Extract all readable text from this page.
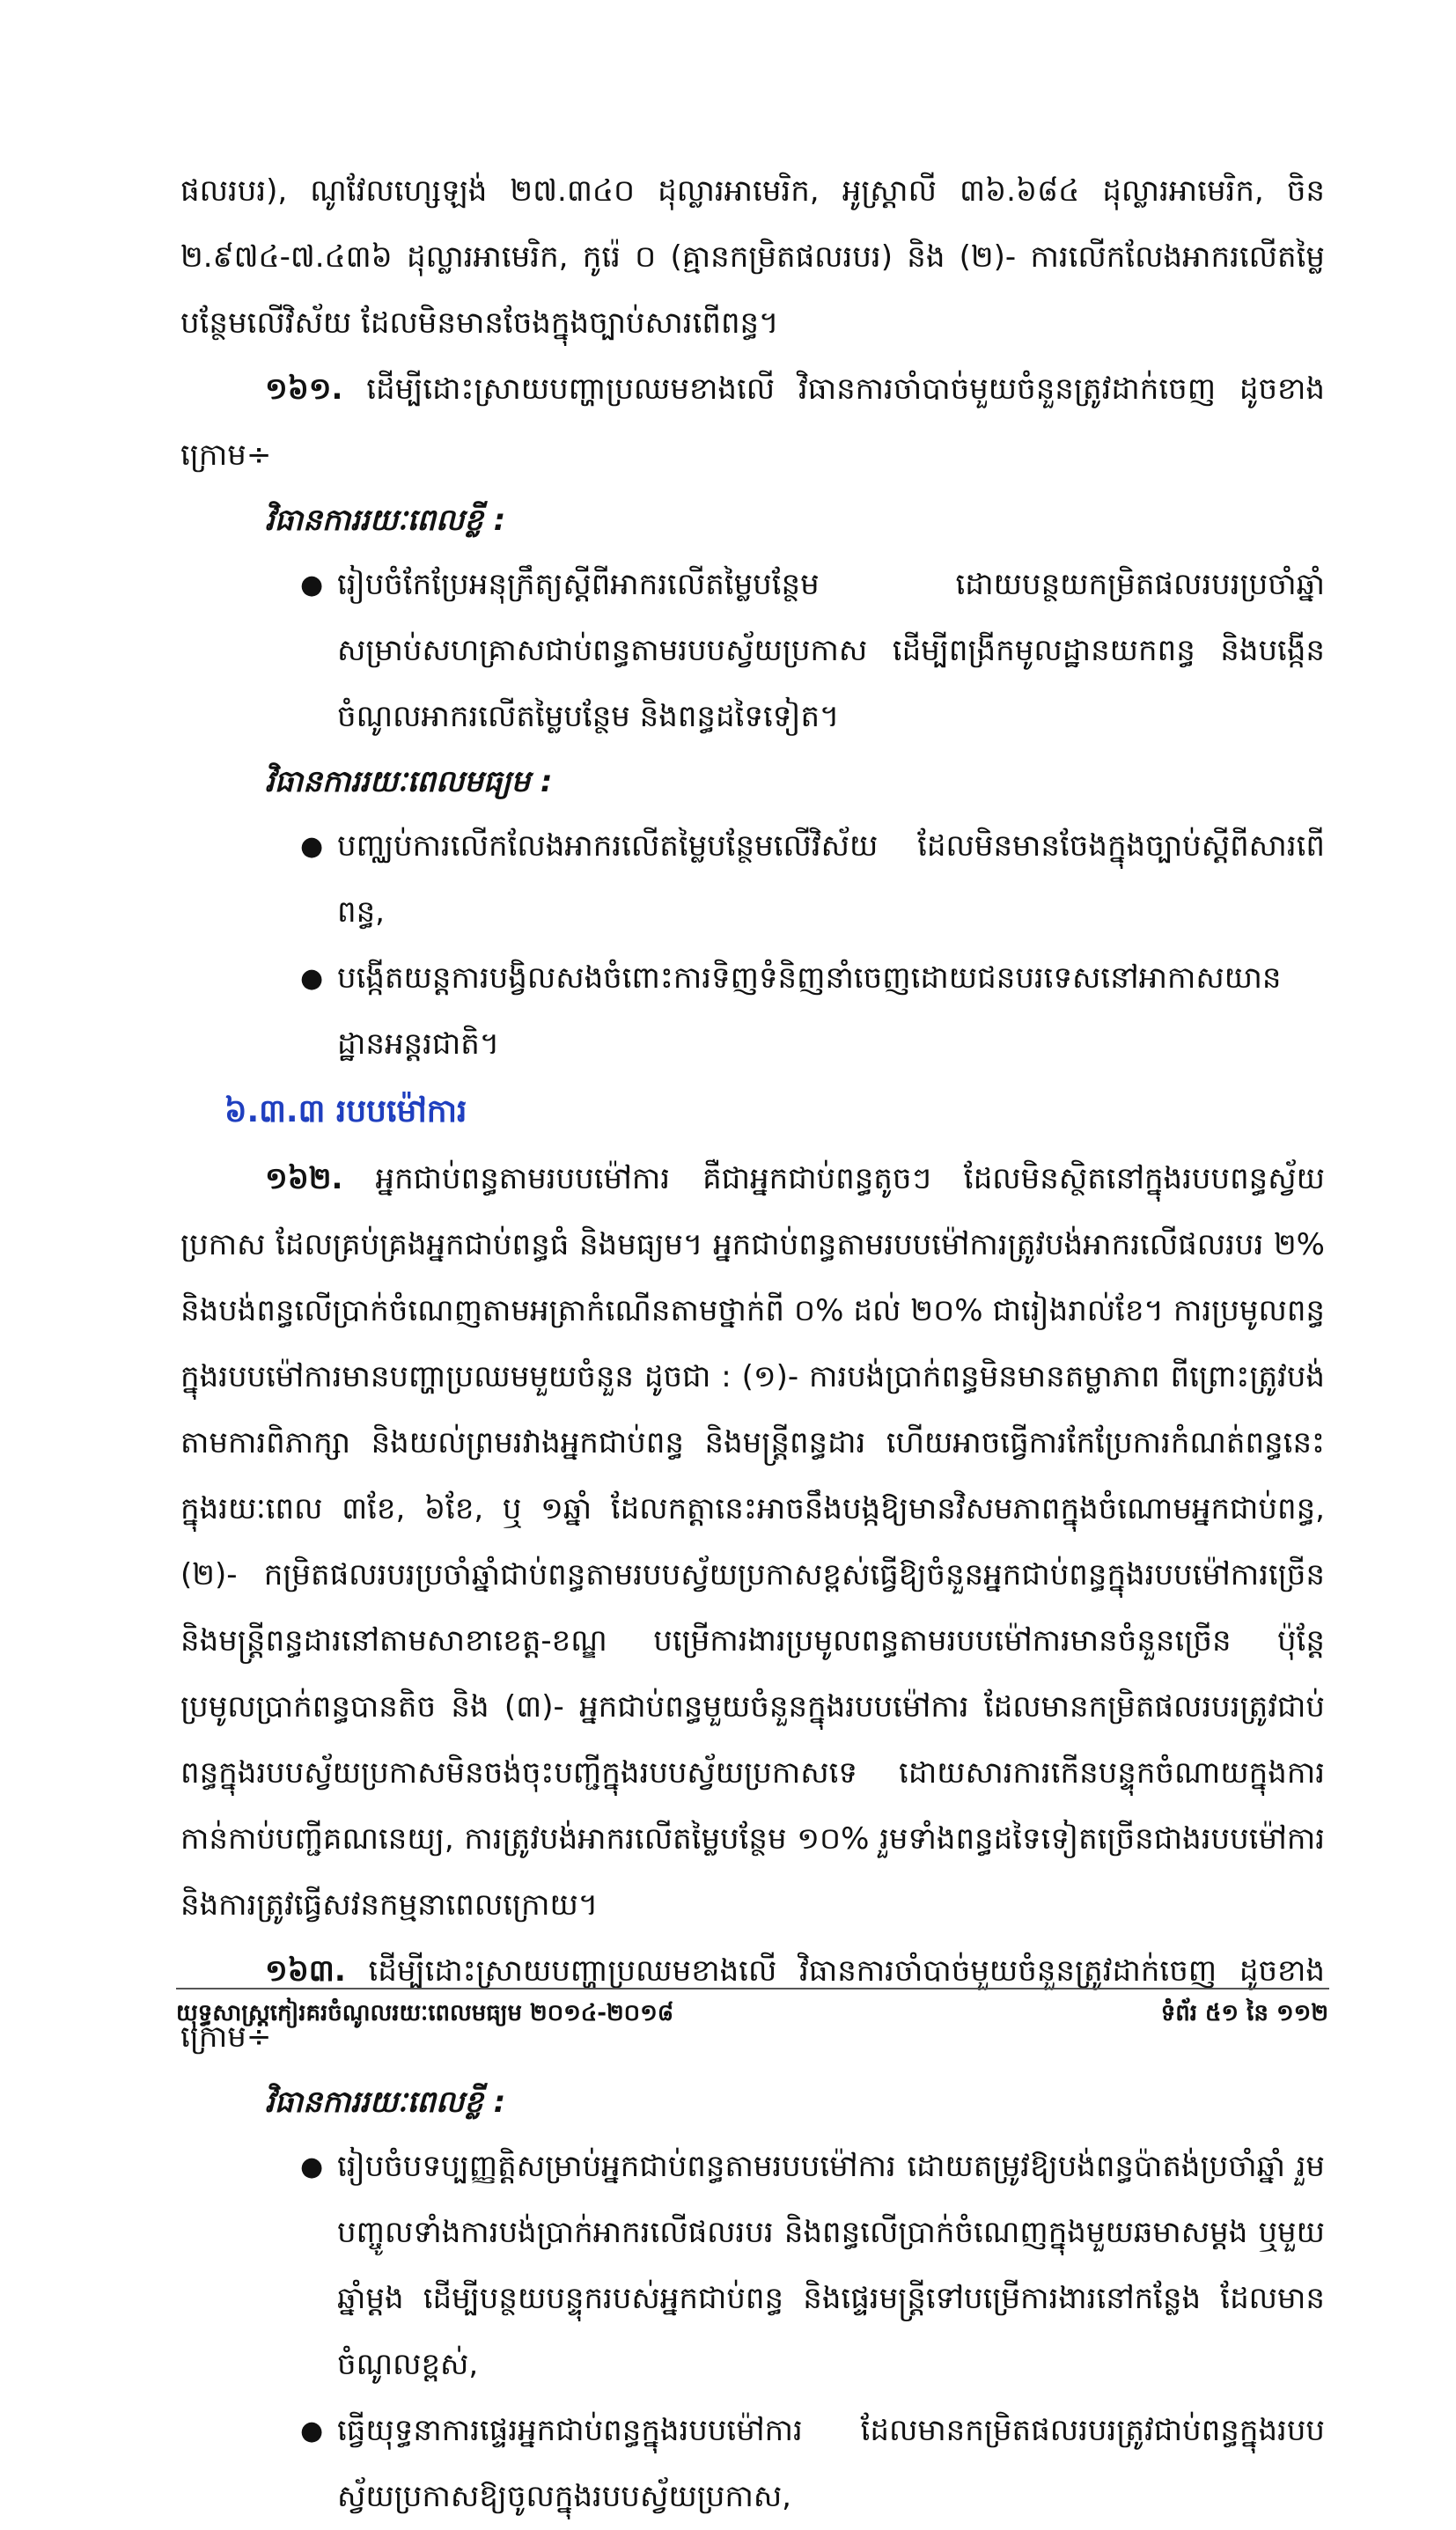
ផលរបរ), ណូវែលហ្សេឡង់ ២៧.៣៤០ ដុល្លារអាមេរិក, អូស្ត្រាលី ៣៦.៦៨៤ ដុល្លារអាមេរិក, ចិន ២.៩៧៤-៧.៤៣៦ ដុល្លារអាមេរិក, កូរ៉េ ០ (គ្មានកម្រិតផលរបរ) និង (២)- ការលើកលែងអាករលើតម្លៃបន្ថែមលើវិស័យ ដែលមិនមានចែងក្នុងច្បាប់សារពើពន្ធ។

១៦១. ដើម្បីដោះស្រាយបញ្ហាប្រឈមខាងលើ វិធានការចាំបាច់មួយចំនួនត្រូវដាក់ចេញ ដូចខាងក្រោម÷

វិធានការរយៈពេលខ្លី :
● រៀបចំកែប្រែអនុក្រឹត្យស្តីពីអាករលើតម្លៃបន្ថែម ដោយបន្ថយកម្រិតផលរបរប្រចាំឆ្នាំសម្រាប់សហគ្រាសជាប់ពន្ធតាមរបបស្វ័យប្រកាស ដើម្បីពង្រីកមូលដ្ឋានយកពន្ធ និងបង្កើនចំណូលអាករលើតម្លៃបន្ថែម និងពន្ធដទៃទៀត។
វិធានការរយៈពេលមធ្យម :
● បញ្ឈប់ការលើកលែងអាករលើតម្លៃបន្ថែមលើវិស័យ ដែលមិនមានចែងក្នុងច្បាប់ស្តីពីសារពើពន្ធ,
● បង្កើតយន្តការបង្វិលសងចំពោះការទិញទំនិញនាំចេញដោយជនបរទេសនៅអាកាសយានដ្ឋានអន្តរជាតិ។
៦.៣.៣ របបម៉ៅការ

១៦២. អ្នកជាប់ពន្ធតាមរបបម៉ៅការ គឺជាអ្នកជាប់ពន្ធតូចៗ ដែលមិនស្ថិតនៅក្នុងរបបពន្ធស្វ័យប្រកាស ដែលគ្រប់គ្រងអ្នកជាប់ពន្ធធំ និងមធ្យម។ អ្នកជាប់ពន្ធតាមរបបម៉ៅការត្រូវបង់អាករលើផលរបរ ២% និងបង់ពន្ធលើប្រាក់ចំណេញតាមអត្រាកំណើនតាមថ្នាក់ពី ០% ដល់ ២០% ជារៀងរាល់ខែ។ ការប្រមូលពន្ធក្នុងរបបម៉ៅការមានបញ្ហាប្រឈមមួយចំនួន ដូចជា : (១)- ការបង់ប្រាក់ពន្ធមិនមានតម្លាភាព ពីព្រោះត្រូវបង់តាមការពិភាក្សា និងយល់ព្រមរវាងអ្នកជាប់ពន្ធ និងមន្ត្រីពន្ធដារ ហើយអាចធ្វើការកែប្រែការកំណត់ពន្ធនេះក្នុងរយៈពេល ៣ខែ, ៦ខែ, ឬ ១ឆ្នាំ ដែលកត្តានេះអាចនឹងបង្កឱ្យមានវិសមភាពក្នុងចំណោមអ្នកជាប់ពន្ធ, (២)- កម្រិតផលរបរប្រចាំឆ្នាំជាប់ពន្ធតាមរបបស្វ័យប្រកាសខ្ពស់ធ្វើឱ្យចំនួនអ្នកជាប់ពន្ធក្នុងរបបម៉ៅការច្រើន និងមន្ត្រីពន្ធដារនៅតាមសាខាខេត្ត-ខណ្ឌ បម្រើការងារប្រមូលពន្ធតាមរបបម៉ៅការមានចំនួនច្រើន ប៉ុន្តែប្រមូលប្រាក់ពន្ធបានតិច និង (៣)- អ្នកជាប់ពន្ធមួយចំនួនក្នុងរបបម៉ៅការ ដែលមានកម្រិតផលរបរត្រូវជាប់ពន្ធក្នុងរបបស្វ័យប្រកាសមិនចង់ចុះបញ្ជីក្នុងរបបស្វ័យប្រកាសទេ ដោយសារការកើនបន្ទុកចំណាយក្នុងការកាន់កាប់បញ្ជីគណនេយ្យ, ការត្រូវបង់អាករលើតម្លៃបន្ថែម ១០% រួមទាំងពន្ធដទៃទៀតច្រើនជាងរបបម៉ៅការ និងការត្រូវធ្វើសវនកម្មនាពេលក្រោយ។

១៦៣. ដើម្បីដោះស្រាយបញ្ហាប្រឈមខាងលើ វិធានការចាំបាច់មួយចំនួនត្រូវដាក់ចេញ ដូចខាងក្រោម÷

វិធានការរយៈពេលខ្លី :
● រៀបចំបទប្បញ្ញត្តិសម្រាប់អ្នកជាប់ពន្ធតាមរបបម៉ៅការ ដោយតម្រូវឱ្យបង់ពន្ធប៉ាតង់ប្រចាំឆ្នាំ រួមបញ្ចូលទាំងការបង់ប្រាក់អាករលើផលរបរ និងពន្ធលើប្រាក់ចំណេញក្នុងមួយឆមាសម្តង ឬមួយឆ្នាំម្តង ដើម្បីបន្ថយបន្ទុករបស់អ្នកជាប់ពន្ធ និងផ្ទេរមន្ត្រីទៅបម្រើការងារនៅកន្លែង ដែលមានចំណូលខ្ពស់,
● ធ្វើយុទ្ធនាការផ្ទេរអ្នកជាប់ពន្ធក្នុងរបបម៉ៅការ ដែលមានកម្រិតផលរបរត្រូវជាប់ពន្ធក្នុងរបបស្វ័យប្រកាសឱ្យចូលក្នុងរបបស្វ័យប្រកាស,
យុទ្ធសាស្ត្រកៀរគរចំណូលរយៈពេលមធ្យម ២០១៤-២០១៨	ទំព័រ ៥១ នៃ ១១២
